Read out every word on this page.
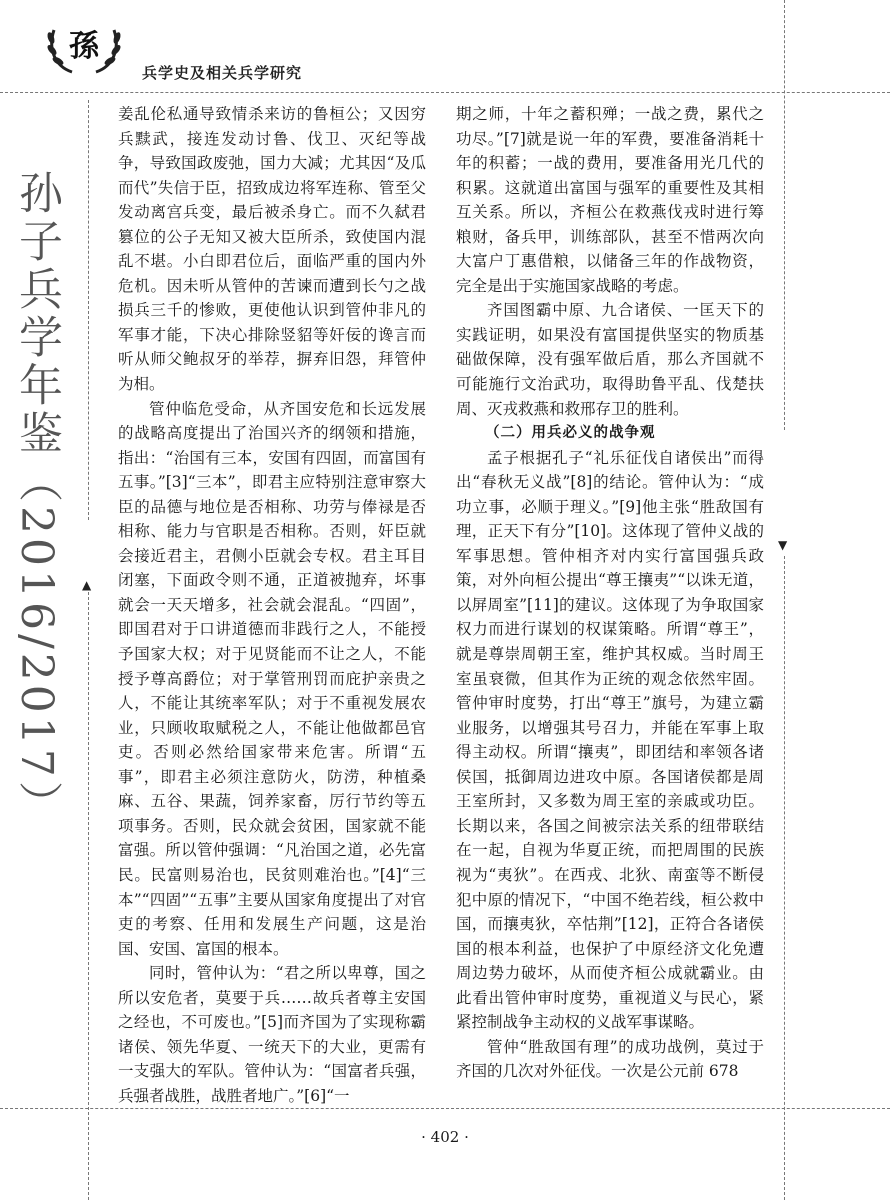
孫
兵学史及相关兵学研究
▲
▼
孙子兵学年鉴（2016/2017）

姜乱伦私通导致情杀来访的鲁桓公；又因穷兵黩武，接连发动讨鲁、伐卫、灭纪等战争，导致国政废弛，国力大减；尤其因“及瓜而代”失信于臣，招致成边将军连称、管至父发动离宫兵变，最后被杀身亡。而不久弑君篡位的公子无知又被大臣所杀，致使国内混乱不堪。小白即君位后，面临严重的国内外危机。因未听从管仲的苦谏而遭到长勺之战损兵三千的惨败，更使他认识到管仲非凡的军事才能，下决心排除竖貂等奸佞的谗言而听从师父鲍叔牙的举荐，摒弃旧怨，拜管仲为相。

管仲临危受命，从齐国安危和长远发展的战略高度提出了治国兴齐的纲领和措施，指出：“治国有三本，安国有四固，而富国有五事。”[3]“三本”，即君主应特别注意审察大臣的品德与地位是否相称、功劳与俸禄是否相称、能力与官职是否相称。否则，奸臣就会接近君主，君侧小臣就会专权。君主耳目闭塞，下面政令则不通，正道被抛弃，坏事就会一天天增多，社会就会混乱。“四固”，即国君对于口讲道德而非践行之人，不能授予国家大权；对于见贤能而不让之人，不能授予尊高爵位；对于掌管刑罚而庇护亲贵之人，不能让其统率军队；对于不重视发展农业，只顾收取赋税之人，不能让他做都邑官吏。否则必然给国家带来危害。所谓“五事”，即君主必须注意防火，防涝，种植桑麻、五谷、果蔬，饲养家畜，厉行节约等五项事务。否则，民众就会贫困，国家就不能富强。所以管仲强调：“凡治国之道，必先富民。民富则易治也，民贫则难治也。”[4]“三本”“四固”“五事”主要从国家角度提出了对官吏的考察、任用和发展生产问题，这是治国、安国、富国的根本。

同时，管仲认为：“君之所以卑尊，国之所以安危者，莫要于兵……故兵者尊主安国之经也，不可废也。”[5]而齐国为了实现称霸诸侯、领先华夏、一统天下的大业，更需有一支强大的军队。管仲认为：“国富者兵强，兵强者战胜，战胜者地广。”[6]“一

期之师，十年之蓄积殚；一战之费，累代之功尽。”[7]就是说一年的军费，要准备消耗十年的积蓄；一战的费用，要准备用光几代的积累。这就道出富国与强军的重要性及其相互关系。所以，齐桓公在救燕伐戎时进行筹粮财，备兵甲，训练部队，甚至不惜两次向大富户丁惠借粮，以储备三年的作战物资，完全是出于实施国家战略的考虑。

齐国图霸中原、九合诸侯、一匡天下的实践证明，如果没有富国提供坚实的物质基础做保障，没有强军做后盾，那么齐国就不可能施行文治武功，取得助鲁平乱、伐楚扶周、灭戎救燕和救邢存卫的胜利。

（二）用兵必义的战争观

孟子根据孔子“礼乐征伐自诸侯出”而得出“春秋无义战”[8]的结论。管仲认为：“成功立事，必顺于理义。”[9]他主张“胜敌国有理，正天下有分”[10]。这体现了管仲义战的军事思想。管仲相齐对内实行富国强兵政策，对外向桓公提出“尊王攘夷”“以诛无道，以屏周室”[11]的建议。这体现了为争取国家权力而进行谋划的权谋策略。所谓“尊王”，就是尊崇周朝王室，维护其权威。当时周王室虽衰微，但其作为正统的观念依然牢固。管仲审时度势，打出“尊王”旗号，为建立霸业服务，以增强其号召力，并能在军事上取得主动权。所谓“攘夷”，即团结和率领各诸侯国，抵御周边进攻中原。各国诸侯都是周王室所封，又多数为周王室的亲戚或功臣。长期以来，各国之间被宗法关系的纽带联结在一起，自视为华夏正统，而把周围的民族视为“夷狄”。在西戎、北狄、南蛮等不断侵犯中原的情况下，“中国不绝若线，桓公救中国，而攘夷狄，卒怙荆”[12]，正符合各诸侯国的根本利益，也保护了中原经济文化免遭周边势力破坏，从而使齐桓公成就霸业。由此看出管仲审时度势，重视道义与民心，紧紧控制战争主动权的义战军事谋略。

管仲“胜敌国有理”的成功战例，莫过于齐国的几次对外征伐。一次是公元前 678

· 402 ·
